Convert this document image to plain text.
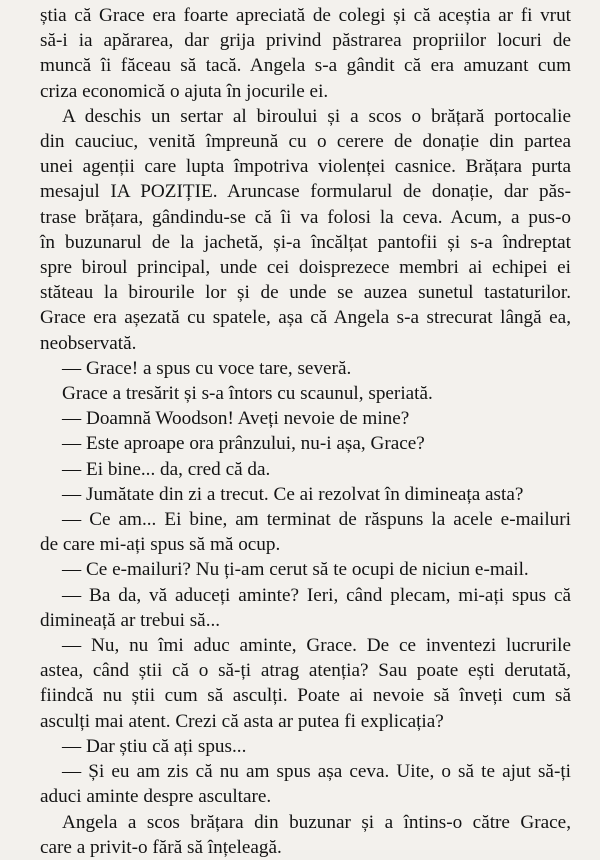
știa că Grace era foarte apreciată de colegi și că aceștia ar fi vrut
să-i ia apărarea, dar grija privind păstrarea propriilor locuri de
muncă îi făceau să tacă. Angela s-a gândit că era amuzant cum
criza economică o ajuta în jocurile ei.

A deschis un sertar al biroului și a scos o brățară portocalie
din cauciuc, venită împreună cu o cerere de donație din partea
unei agenții care lupta împotriva violenței casnice. Brățara purta
mesajul IA POZIȚIE. Aruncase formularul de donație, dar păs-
trase brățara, gândindu-se că îi va folosi la ceva. Acum, a pus-o
în buzunarul de la jachetă, și-a încălțat pantofii și s-a îndreptat
spre biroul principal, unde cei doisprezece membri ai echipei ei
stăteau la birourile lor și de unde se auzea sunetul tastaturilor.
Grace era așezată cu spatele, așa că Angela s-a strecurat lângă ea,
neobservată.

— Grace! a spus cu voce tare, severă.

Grace a tresărit și s-a întors cu scaunul, speriată.

— Doamnă Woodson! Aveți nevoie de mine?

— Este aproape ora prânzului, nu-i așa, Grace?

— Ei bine... da, cred că da.

— Jumătate din zi a trecut. Ce ai rezolvat în dimineața asta?

— Ce am... Ei bine, am terminat de răspuns la acele e-mailuri
de care mi-ați spus să mă ocup.

— Ce e-mailuri? Nu ți-am cerut să te ocupi de niciun e-mail.

— Ba da, vă aduceți aminte? Ieri, când plecam, mi-ați spus că
dimineață ar trebui să...

— Nu, nu îmi aduc aminte, Grace. De ce inventezi lucrurile
astea, când știi că o să-ți atrag atenția? Sau poate ești derutată,
fiindcă nu știi cum să asculți. Poate ai nevoie să înveți cum să
asculți mai atent. Crezi că asta ar putea fi explicația?

— Dar știu că ați spus...

— Și eu am zis că nu am spus așa ceva. Uite, o să te ajut să-ți
aduci aminte despre ascultare.

Angela a scos brățara din buzunar și a întins-o către Grace,
care a privit-o fără să înțeleagă.
